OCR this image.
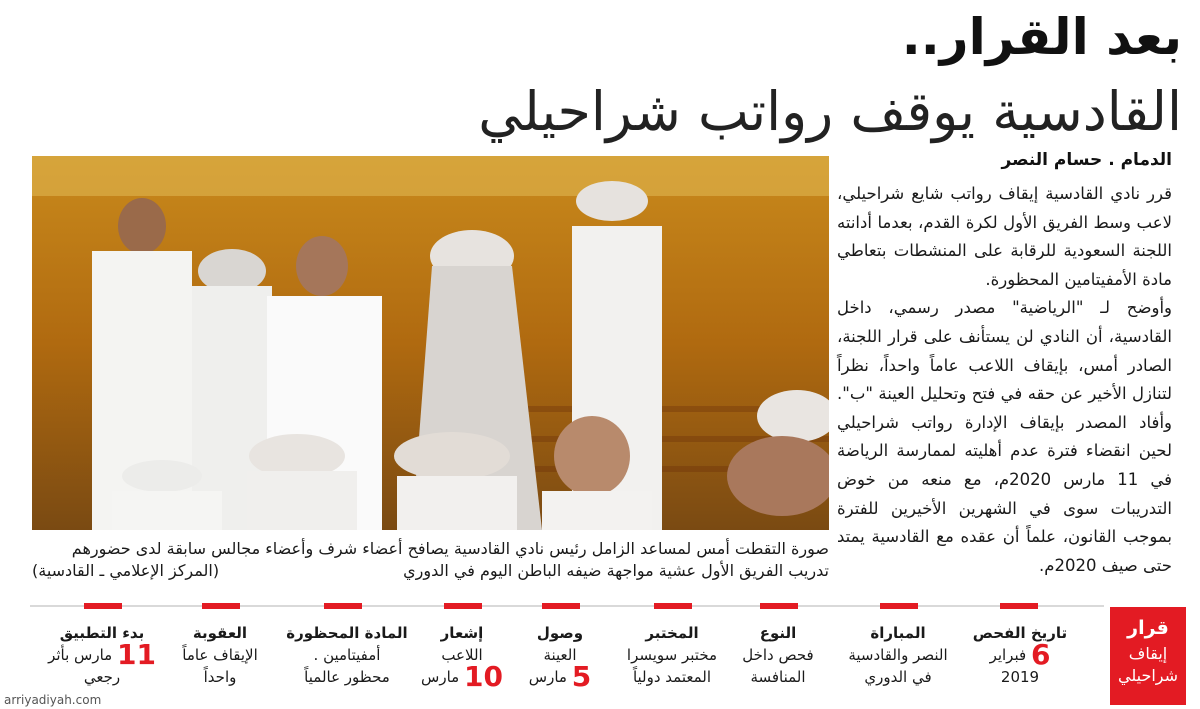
بعد القرار..
القادسية يوقف رواتب شراحيلي
الدمام . حسام النصر

قرر نادي القادسية إيقاف رواتب شايع شراحيلي، لاعب وسط الفريق الأول لكرة القدم، بعدما أدانته اللجنة السعودية للرقابة على المنشطات بتعاطي مادة الأمفيتامين المحظورة.

وأوضح لـ "الرياضية" مصدر رسمي، داخل القادسية، أن النادي لن يستأنف على قرار اللجنة، الصادر أمس، بإيقاف اللاعب عاماً واحداً، نظراً لتنازل الأخير عن حقه في فتح وتحليل العينة "ب". وأفاد المصدر بإيقاف الإدارة رواتب شراحيلي لحين انقضاء فترة عدم أهليته لممارسة الرياضة في 11 مارس 2020م، مع منعه من خوض التدريبات سوى في الشهرين الأخيرين للفترة بموجب القانون، علماً أن عقده مع القادسية يمتد حتى صيف 2020م.

صورة التقطت أمس لمساعد الزامل رئيس نادي القادسية يصافح أعضاء شرف وأعضاء مجالس سابقة لدى حضورهم تدريب الفريق الأول عشية مواجهة ضيفه الباطن اليوم في الدوري
(المركز الإعلامي ـ القادسية)
قرار
إيقاف شراحيلي
تاريخ الفحص
6 فبراير
2019
المباراة
النصر والقادسية
في الدوري
النوع
فحص داخل
المنافسة
المختبر
مختبر سويسرا
المعتمد دولياً
وصول
العينة
5 مارس
إشعار
اللاعب
10 مارس
المادة المحظورة
أمفيتامين .
محظور عالمياً
العقوبة
الإيقاف عاماً
واحداً
بدء التطبيق
11 مارس بأثر
رجعي
arriyadiyah.com
